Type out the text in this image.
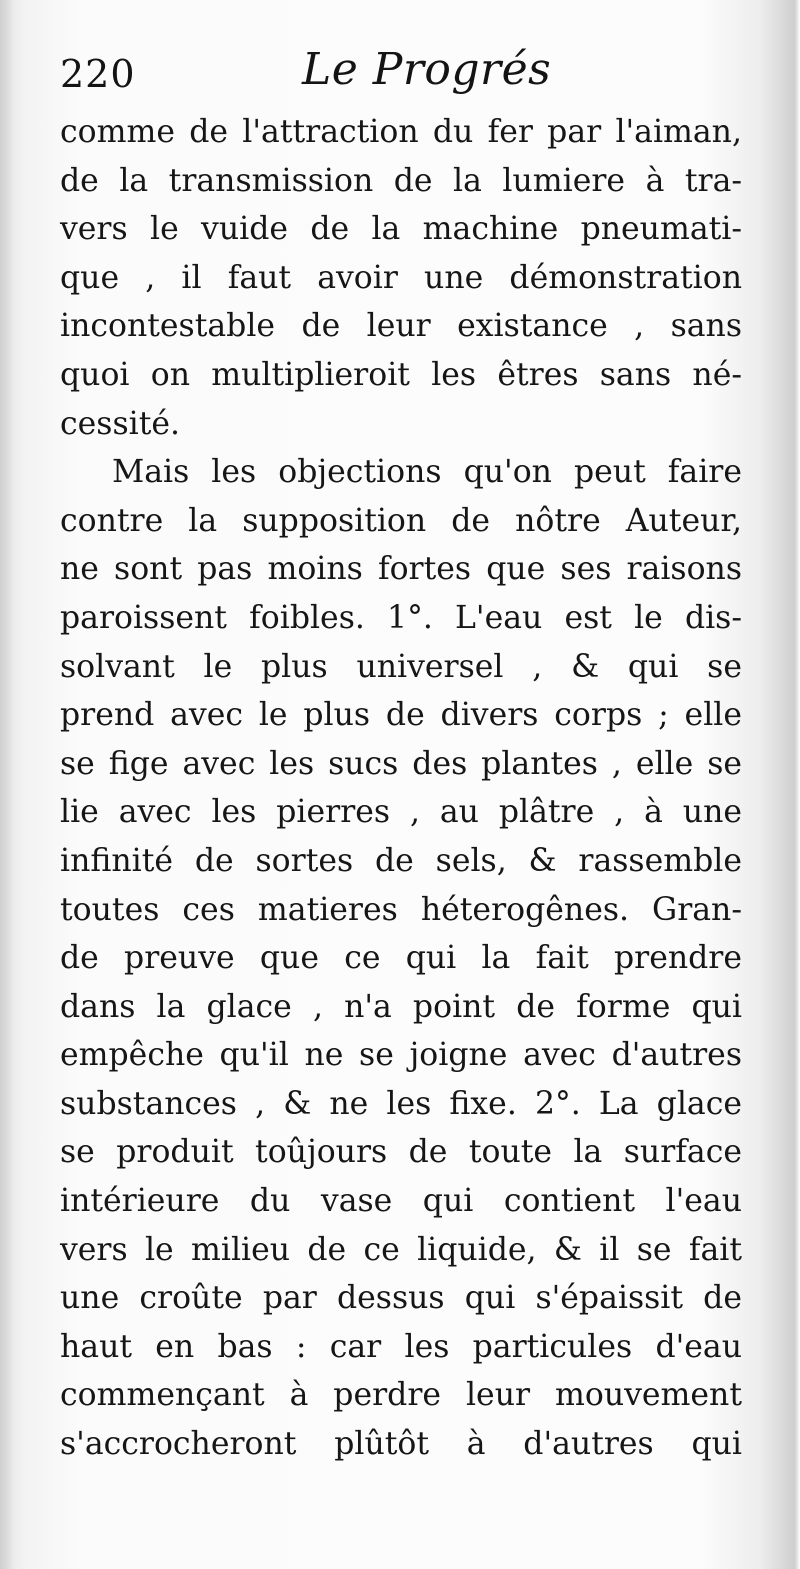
220	Le Progrés
comme de l'attraction du fer par l'aiman,
de la transmission de la lumiere à tra-
vers le vuide de la machine pneumati-
que , il faut avoir une démonstration
incontestable de leur existance , sans
quoi on multiplieroit les êtres sans né-
cessité.
Mais les objections qu'on peut faire
contre la supposition de nôtre Auteur,
ne sont pas moins fortes que ses raisons
paroissent foibles. 1°. L'eau est le dis-
solvant le plus universel , & qui se
prend avec le plus de divers corps ; elle
se fige avec les sucs des plantes , elle se
lie avec les pierres , au plâtre , à une
infinité de sortes de sels, & rassemble
toutes ces matieres héterogênes. Gran-
de preuve que ce qui la fait prendre
dans la glace , n'a point de forme qui
empêche qu'il ne se joigne avec d'autres
substances , & ne les fixe. 2°. La glace
se produit toûjours de toute la surface
intérieure du vase qui contient l'eau
vers le milieu de ce liquide, & il se fait
une croûte par dessus qui s'épaissit de
haut en bas : car les particules d'eau
commençant à perdre leur mouvement
s'accrocheront plûtôt à d'autres qui
